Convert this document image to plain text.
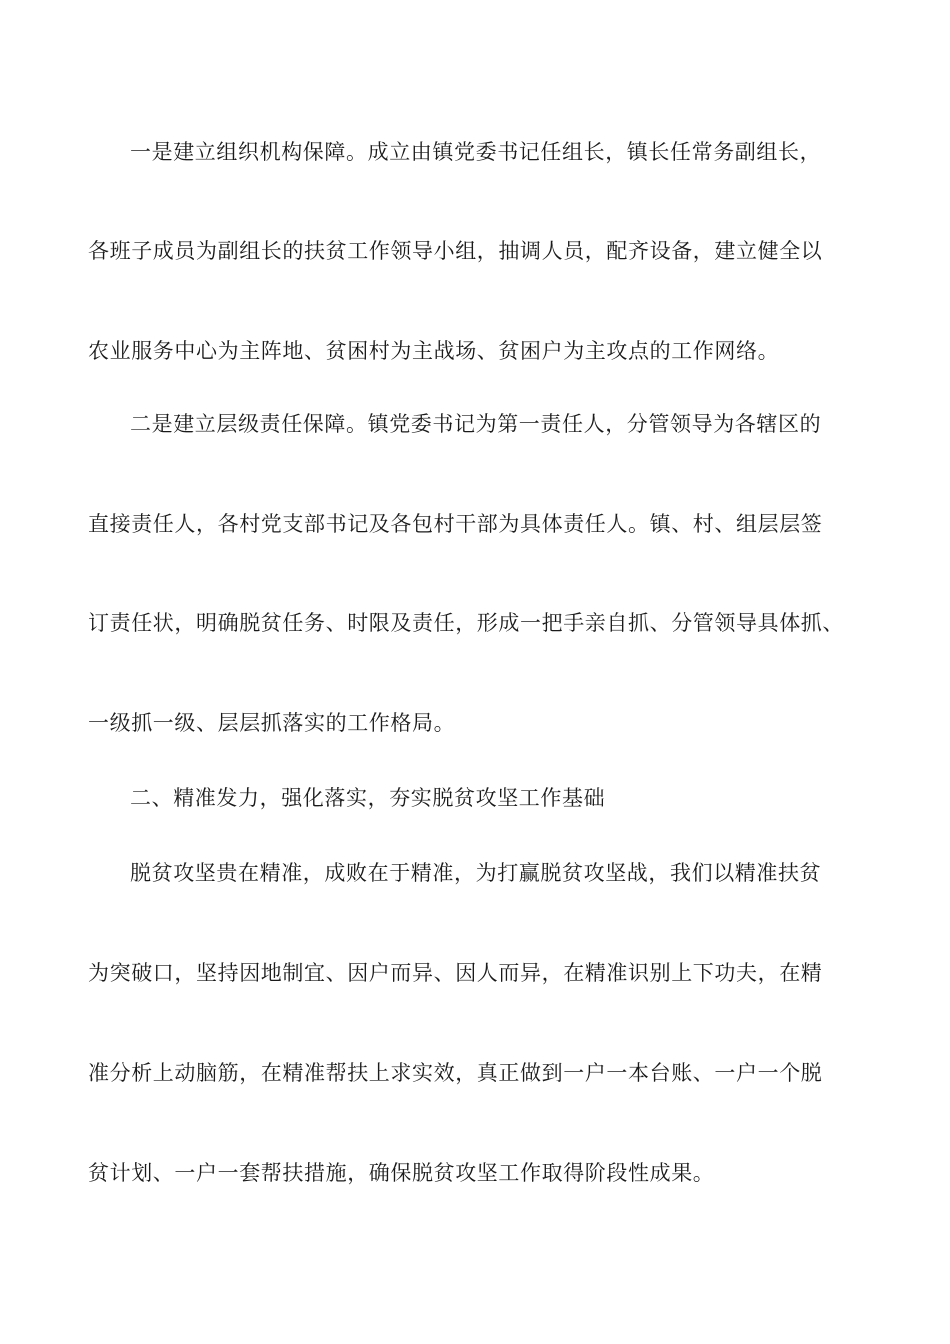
一是建立组织机构保障。成立由镇党委书记任组长，镇长任常务副组长，
各班子成员为副组长的扶贫工作领导小组，抽调人员，配齐设备，建立健全以
农业服务中心为主阵地、贫困村为主战场、贫困户为主攻点的工作网络。
二是建立层级责任保障。镇党委书记为第一责任人，分管领导为各辖区的
直接责任人，各村党支部书记及各包村干部为具体责任人。镇、村、组层层签
订责任状，明确脱贫任务、时限及责任，形成一把手亲自抓、分管领导具体抓、
一级抓一级、层层抓落实的工作格局。
二、精准发力，强化落实，夯实脱贫攻坚工作基础
脱贫攻坚贵在精准，成败在于精准，为打赢脱贫攻坚战，我们以精准扶贫
为突破口，坚持因地制宜、因户而异、因人而异，在精准识别上下功夫，在精
准分析上动脑筋，在精准帮扶上求实效，真正做到一户一本台账、一户一个脱
贫计划、一户一套帮扶措施，确保脱贫攻坚工作取得阶段性成果。
